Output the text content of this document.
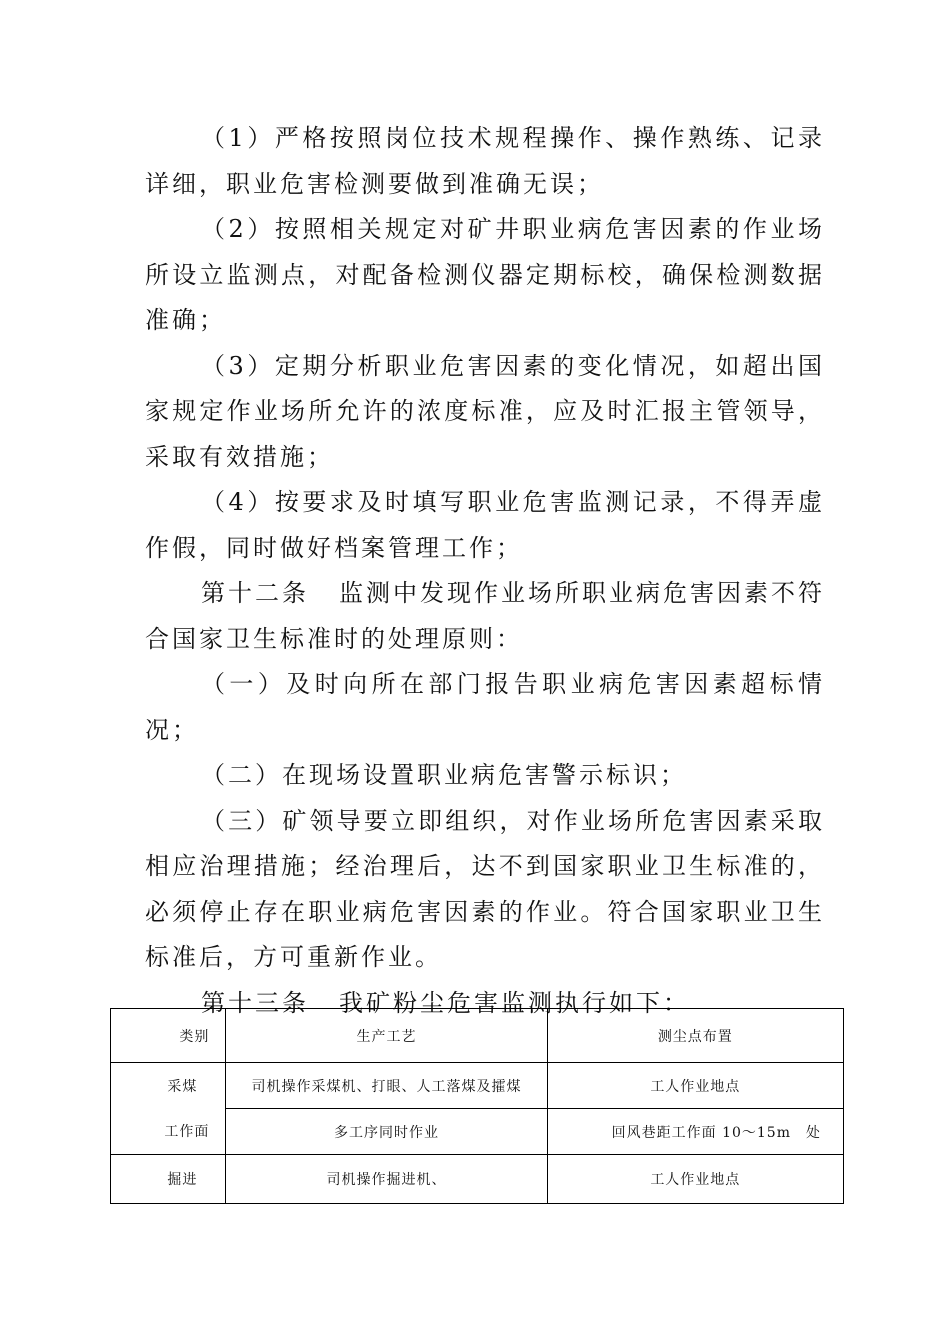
（1）严格按照岗位技术规程操作、操作熟练、记录详细，职业危害检测要做到准确无误；

（2）按照相关规定对矿井职业病危害因素的作业场所设立监测点，对配备检测仪器定期标校，确保检测数据准确；

（3）定期分析职业危害因素的变化情况，如超出国家规定作业场所允许的浓度标准，应及时汇报主管领导，采取有效措施；

（4）按要求及时填写职业危害监测记录，不得弄虚作假，同时做好档案管理工作；

第十二条 监测中发现作业场所职业病危害因素不符合国家卫生标准时的处理原则：

（一）及时向所在部门报告职业病危害因素超标情况；

（二）在现场设置职业病危害警示标识；

（三）矿领导要立即组织，对作业场所危害因素采取相应治理措施；经治理后，达不到国家职业卫生标准的，必须停止存在职业病危害因素的作业。符合国家职业卫生标准后，方可重新作业。

第十三条 我矿粉尘危害监测执行如下：

类别	生产工艺	测尘点布置
采煤	司机操作采煤机、打眼、人工落煤及攉煤	工人作业地点
工作面	多工序同时作业	回风巷距工作面 10～15m　处
掘进	司机操作掘进机、	工人作业地点
